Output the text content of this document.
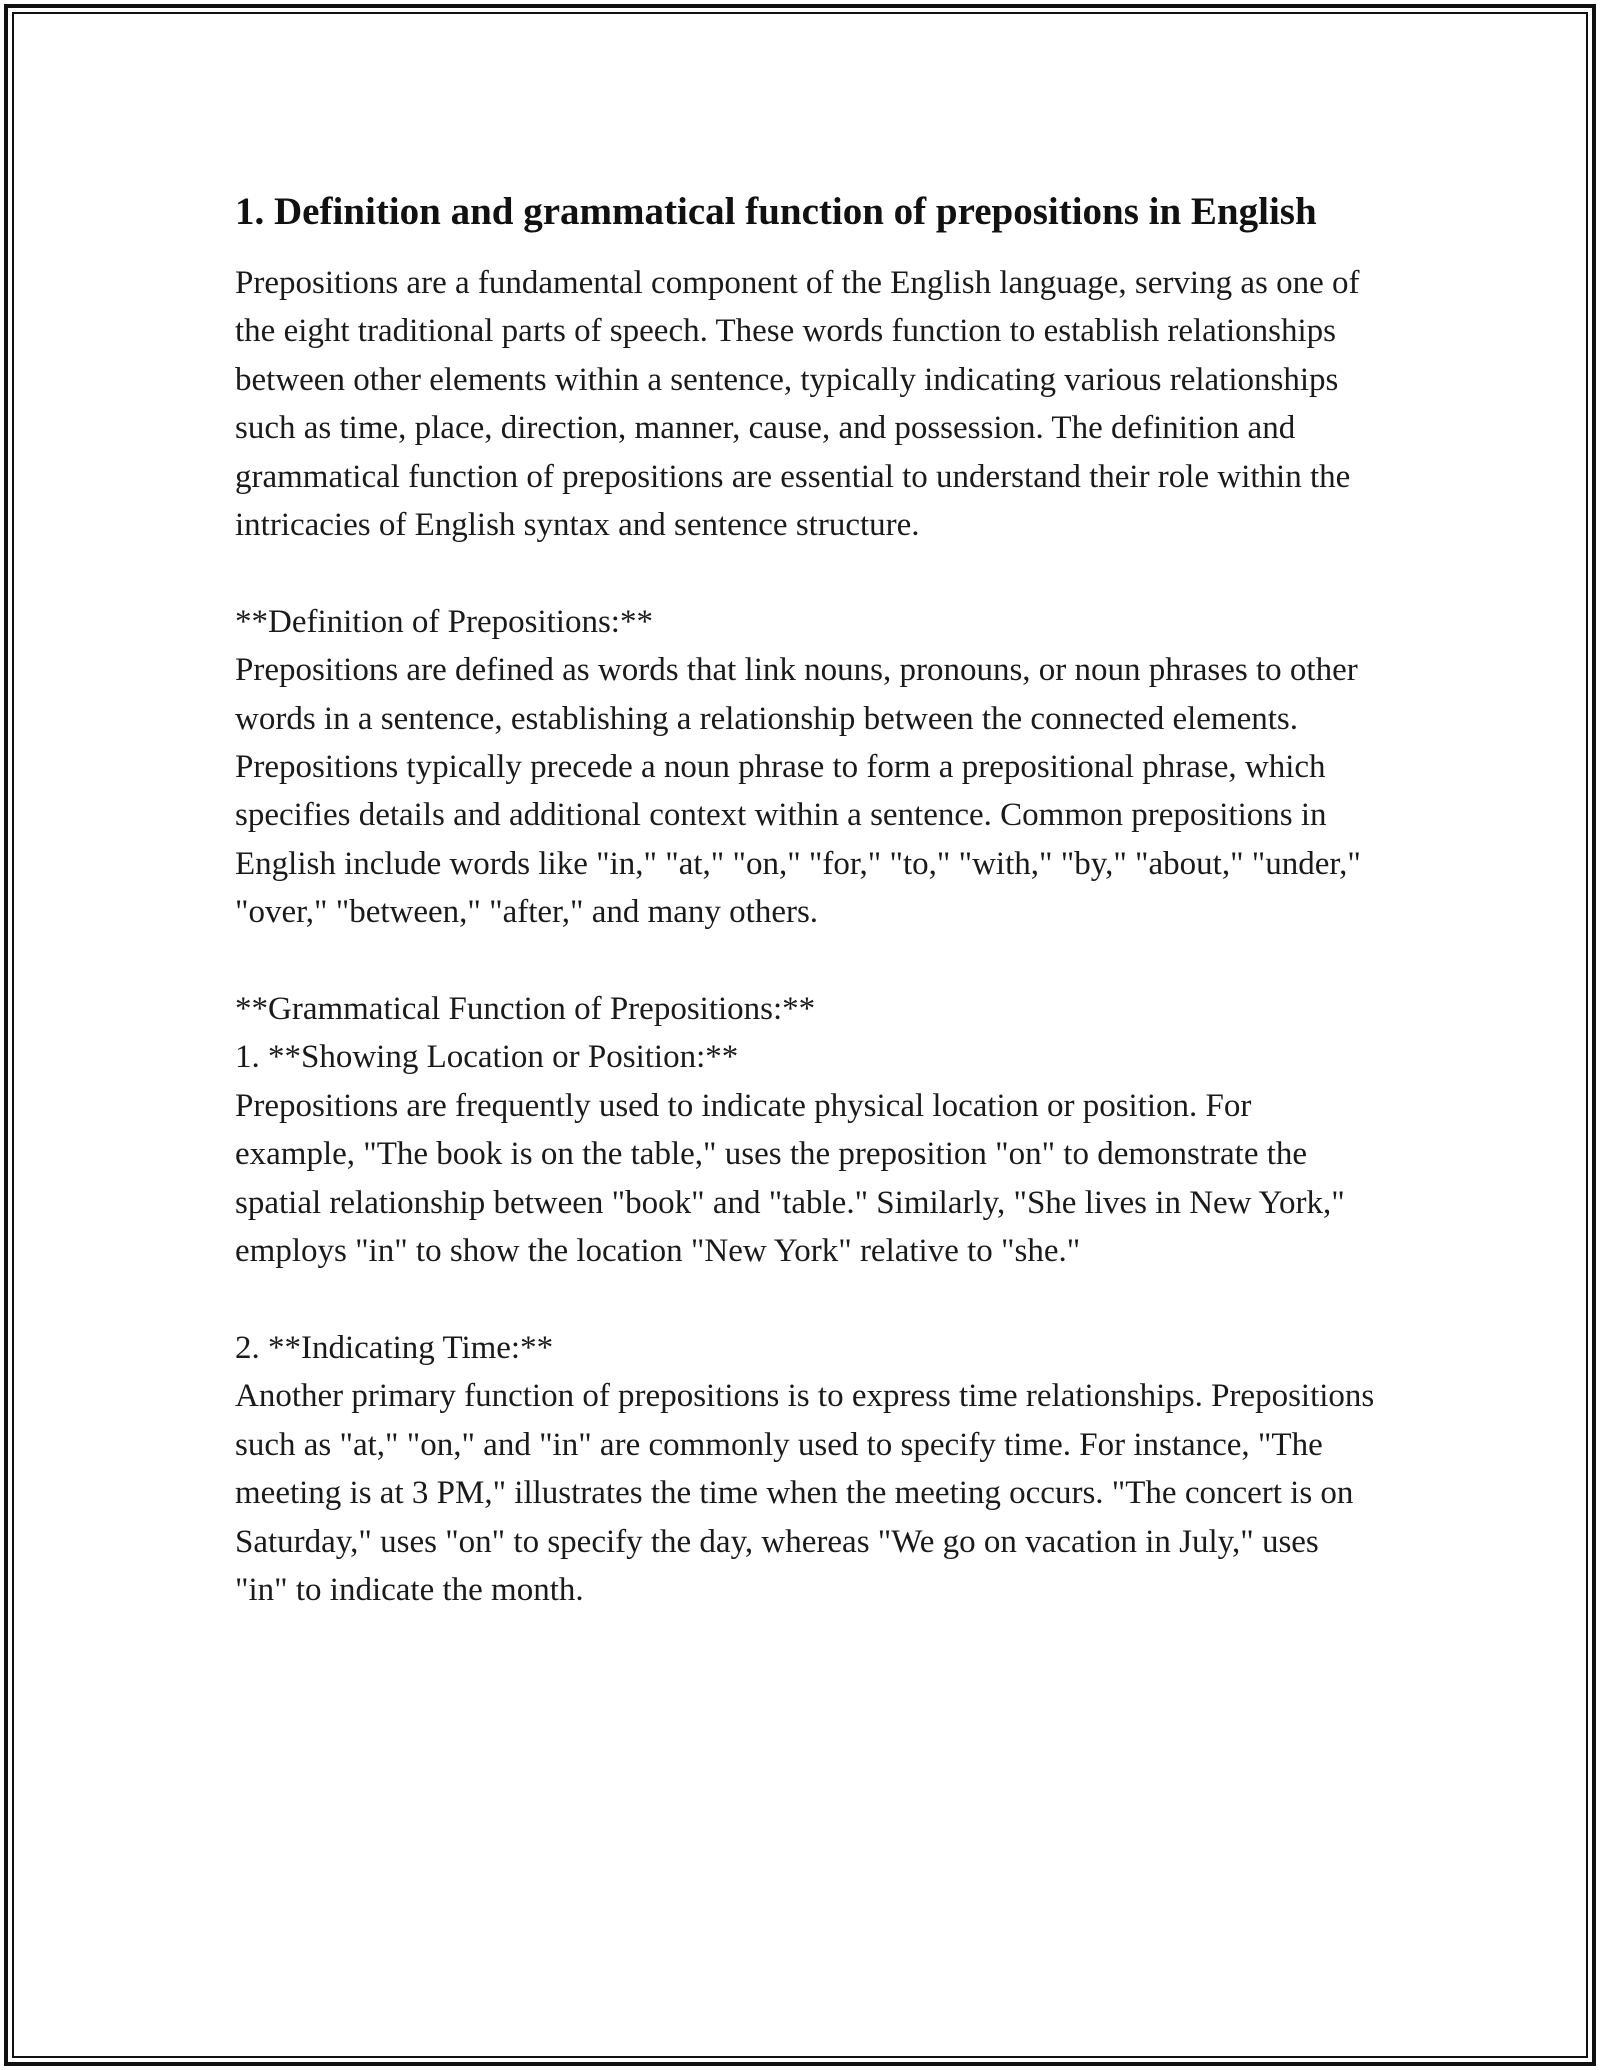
1. Definition and grammatical function of prepositions in English

Prepositions are a fundamental component of the English language, serving as one of the eight traditional parts of speech. These words function to establish relationships between other elements within a sentence, typically indicating various relationships such as time, place, direction, manner, cause, and possession. The definition and grammatical function of prepositions are essential to understand their role within the intricacies of English syntax and sentence structure.

**Definition of Prepositions:**

Prepositions are defined as words that link nouns, pronouns, or noun phrases to other words in a sentence, establishing a relationship between the connected elements. Prepositions typically precede a noun phrase to form a prepositional phrase, which specifies details and additional context within a sentence. Common prepositions in English include words like "in," "at," "on," "for," "to," "with," "by," "about," "under," "over," "between," "after," and many others.

**Grammatical Function of Prepositions:**

1. **Showing Location or Position:**

Prepositions are frequently used to indicate physical location or position. For example, "The book is on the table," uses the preposition "on" to demonstrate the spatial relationship between "book" and "table." Similarly, "She lives in New York," employs "in" to show the location "New York" relative to "she."

2. **Indicating Time:**

Another primary function of prepositions is to express time relationships. Prepositions such as "at," "on," and "in" are commonly used to specify time. For instance, "The meeting is at 3 PM," illustrates the time when the meeting occurs. "The concert is on Saturday," uses "on" to specify the day, whereas "We go on vacation in July," uses "in" to indicate the month.
